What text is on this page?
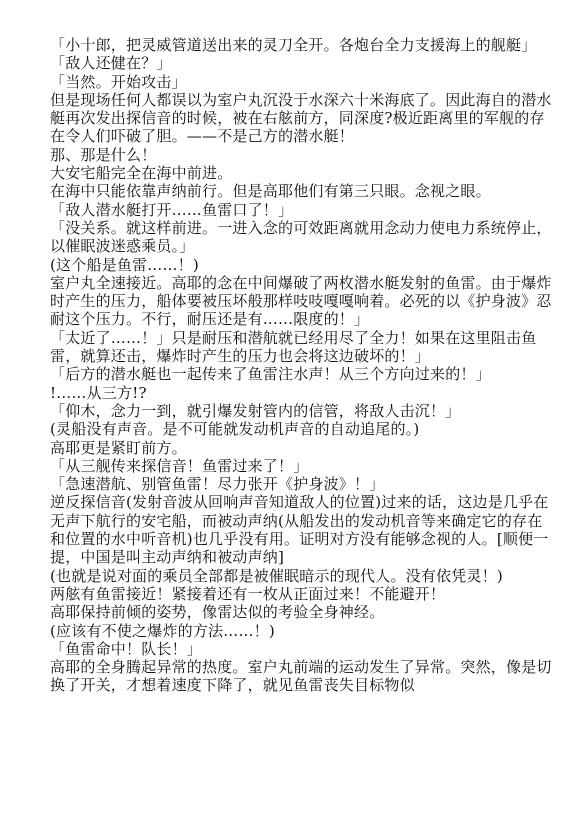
「小十郎，把灵威管道送出来的灵刀全开。各炮台全力支援海上的舰艇」
「敌人还健在？」
「当然。开始攻击」
但是现场任何人都误以为室户丸沉没于水深六十米海底了。因此海自的潜水艇再次发出探信音的时候，被在右舷前方，同深度?极近距离里的军舰的存在令人们吓破了胆。——不是己方的潜水艇！
那、那是什么！
大安宅船完全在海中前进。
在海中只能依靠声纳前行。但是高耶他们有第三只眼。念视之眼。
「敌人潜水艇打开……鱼雷口了！」
「没关系。就这样前进。一进入念的可效距离就用念动力使电力系统停止，以催眠波迷惑乘员。」
(这个船是鱼雷……！)
室户丸全速接近。高耶的念在中间爆破了两枚潜水艇发射的鱼雷。由于爆炸时产生的压力，船体要被压坏般那样吱吱嘎嘎响着。必死的以《护身波》忍耐这个压力。不行，耐压还是有……限度的！」
「太近了……！」只是耐压和潜航就已经用尽了全力！如果在这里阻击鱼雷，就算还击，爆炸时产生的压力也会将这边破坏的！」
「后方的潜水艇也一起传来了鱼雷注水声！从三个方向过来的！」
!……从三方!?
「仰木，念力一到，就引爆发射管内的信管，将敌人击沉！」
(灵船没有声音。是不可能就发动机声音的自动追尾的。)
高耶更是紧盯前方。
「从三舰传来探信音！鱼雷过来了！」
「急速潜航、别管鱼雷！尽力张开《护身波》！」
逆反探信音(发射音波从回响声音知道敌人的位置)过来的话，这边是几乎在无声下航行的安宅船，而被动声纳(从船发出的发动机音等来确定它的存在和位置的水中听音机)也几乎没有用。证明对方没有能够念视的人。[顺便一提，中国是叫主动声纳和被动声纳]
(也就是说对面的乘员全部都是被催眠暗示的现代人。没有依凭灵！)
两舷有鱼雷接近！紧接着还有一枚从正面过来！不能避开！
高耶保持前倾的姿势，像雷达似的考验全身神经。
(应该有不使之爆炸的方法……！)
「鱼雷命中！队长！」
高耶的全身腾起异常的热度。室户丸前端的运动发生了异常。突然，像是切换了开关，才想着速度下降了，就见鱼雷丧失目标物似
